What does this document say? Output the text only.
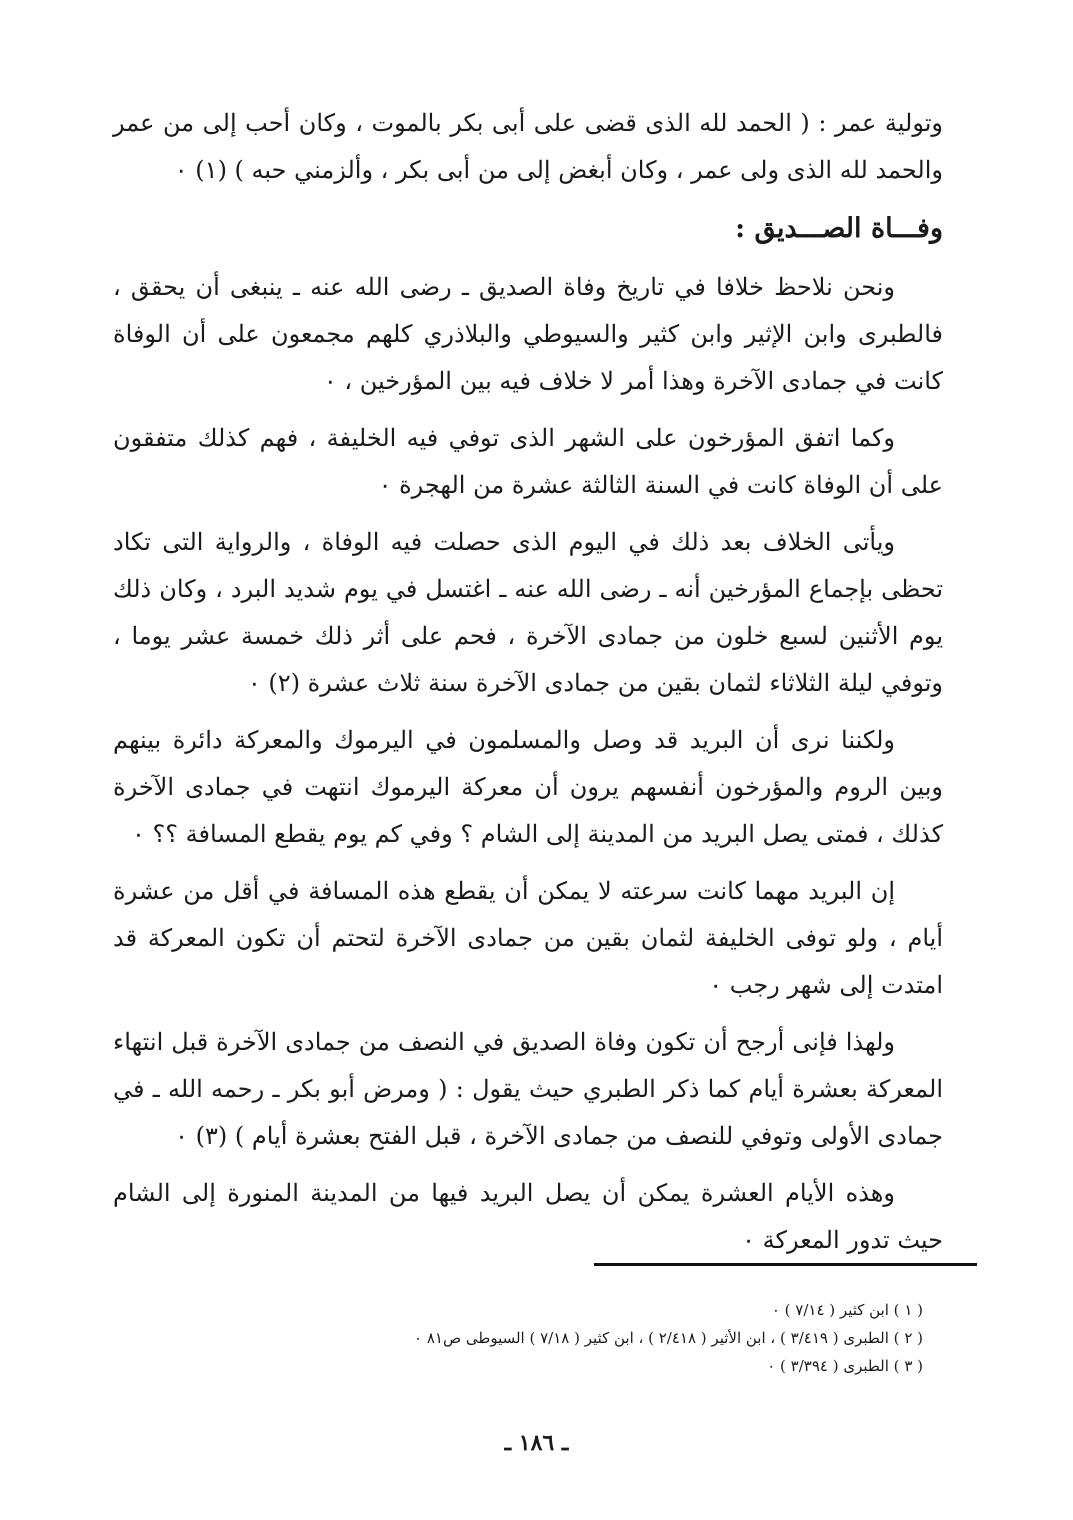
وتولية عمر : ( الحمد لله الذى قضى على أبى بكر بالموت ، وكان أحب إلى من عمر والحمد لله الذى ولى عمر ، وكان أبغض إلى من أبى بكر ، وألزمني حبه ) (١) ٠

وفـــاة الصـــديق :

ونحن نلاحظ خلافا في تاريخ وفاة الصديق ـ رضى الله عنه ـ ينبغى أن يحقق ، فالطبرى وابن الإثير وابن كثير والسيوطي والبلاذري كلهم مجمعون على أن الوفاة كانت في جمادى الآخرة وهذا أمر لا خلاف فيه بين المؤرخين ، ٠

وكما اتفق المؤرخون على الشهر الذى توفي فيه الخليفة ، فهم كذلك متفقون على أن الوفاة كانت في السنة الثالثة عشرة من الهجرة ٠

ويأتى الخلاف بعد ذلك في اليوم الذى حصلت فيه الوفاة ، والرواية التى تكاد تحظى بإجماع المؤرخين أنه ـ رضى الله عنه ـ اغتسل في يوم شديد البرد ، وكان ذلك يوم الأثنين لسبع خلون من جمادى الآخرة ، فحم على أثر ذلك خمسة عشر يوما ، وتوفي ليلة الثلاثاء لثمان بقين من جمادى الآخرة سنة ثلاث عشرة (٢) ٠

ولكننا نرى أن البريد قد وصل والمسلمون في اليرموك والمعركة دائرة بينهم وبين الروم والمؤرخون أنفسهم يرون أن معركة اليرموك انتهت في جمادى الآخرة كذلك ، فمتى يصل البريد من المدينة إلى الشام ؟ وفي كم يوم يقطع المسافة ؟؟ ٠

إن البريد مهما كانت سرعته لا يمكن أن يقطع هذه المسافة في أقل من عشرة أيام ، ولو توفى الخليفة لثمان بقين من جمادى الآخرة لتحتم أن تكون المعركة قد امتدت إلى شهر رجب ٠

ولهذا فإنى أرجح أن تكون وفاة الصديق في النصف من جمادى الآخرة قبل انتهاء المعركة بعشرة أيام كما ذكر الطبري حيث يقول : ( ومرض أبو بكر ـ رحمه الله ـ في جمادى الأولى وتوفي للنصف من جمادى الآخرة ، قبل الفتح بعشرة أيام ) (٣) ٠

وهذه الأيام العشرة يمكن أن يصل البريد فيها من المدينة المنورة إلى الشام حيث تدور المعركة ٠

( ١ ) ابن كثير ( ٧/١٤ ) ٠

( ٢ ) الطبرى ( ٣/٤١٩ ) ، ابن الأثير ( ٢/٤١٨ ) ، ابن كثير ( ٧/١٨ ) السيوطى ص٨١ ٠

( ٣ ) الطبرى ( ٣/٣٩٤ ) ٠

ـ ١٨٦ ـ
